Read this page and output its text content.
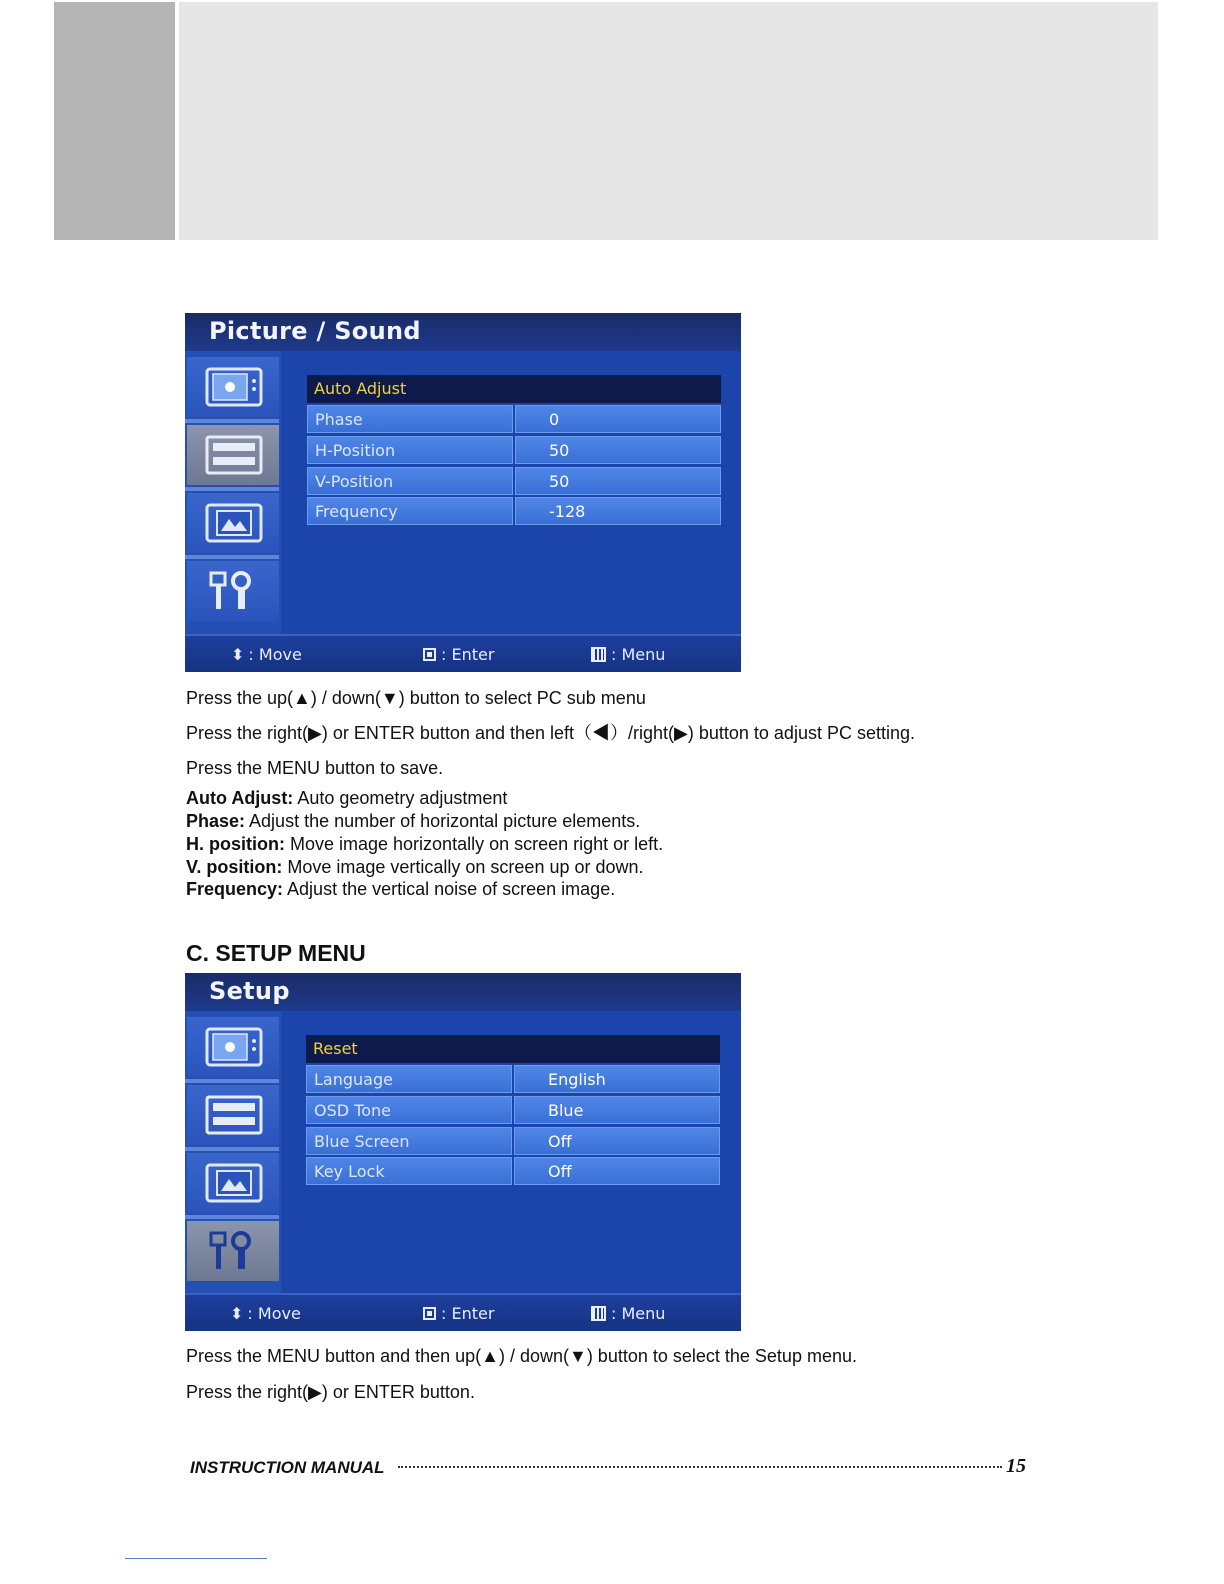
Picture / Sound
Auto Adjust
Phase	0
H-Position	50
V-Position	50
Frequency	-128
⬍ : Move	: Enter	: Menu
Press the up(▲) / down(▼) button to select PC sub menu
Press the right(▶) or ENTER button and then left（◀）/right(▶) button to adjust PC setting.
Press the MENU button to save.
Auto Adjust: Auto geometry adjustment
Phase: Adjust the number of horizontal picture elements.
H. position: Move image horizontally on screen right or left.
V. position: Move image vertically on screen up or down.
Frequency: Adjust the vertical noise of screen image.
C. SETUP MENU
Setup
Reset
Language	English
OSD Tone	Blue
Blue Screen	Off
Key Lock	Off
⬍ : Move	: Enter	: Menu
Press the MENU button and then up(▲) / down(▼) button to select the Setup menu.
Press the right(▶) or ENTER button.
INSTRUCTION MANUAL	15
